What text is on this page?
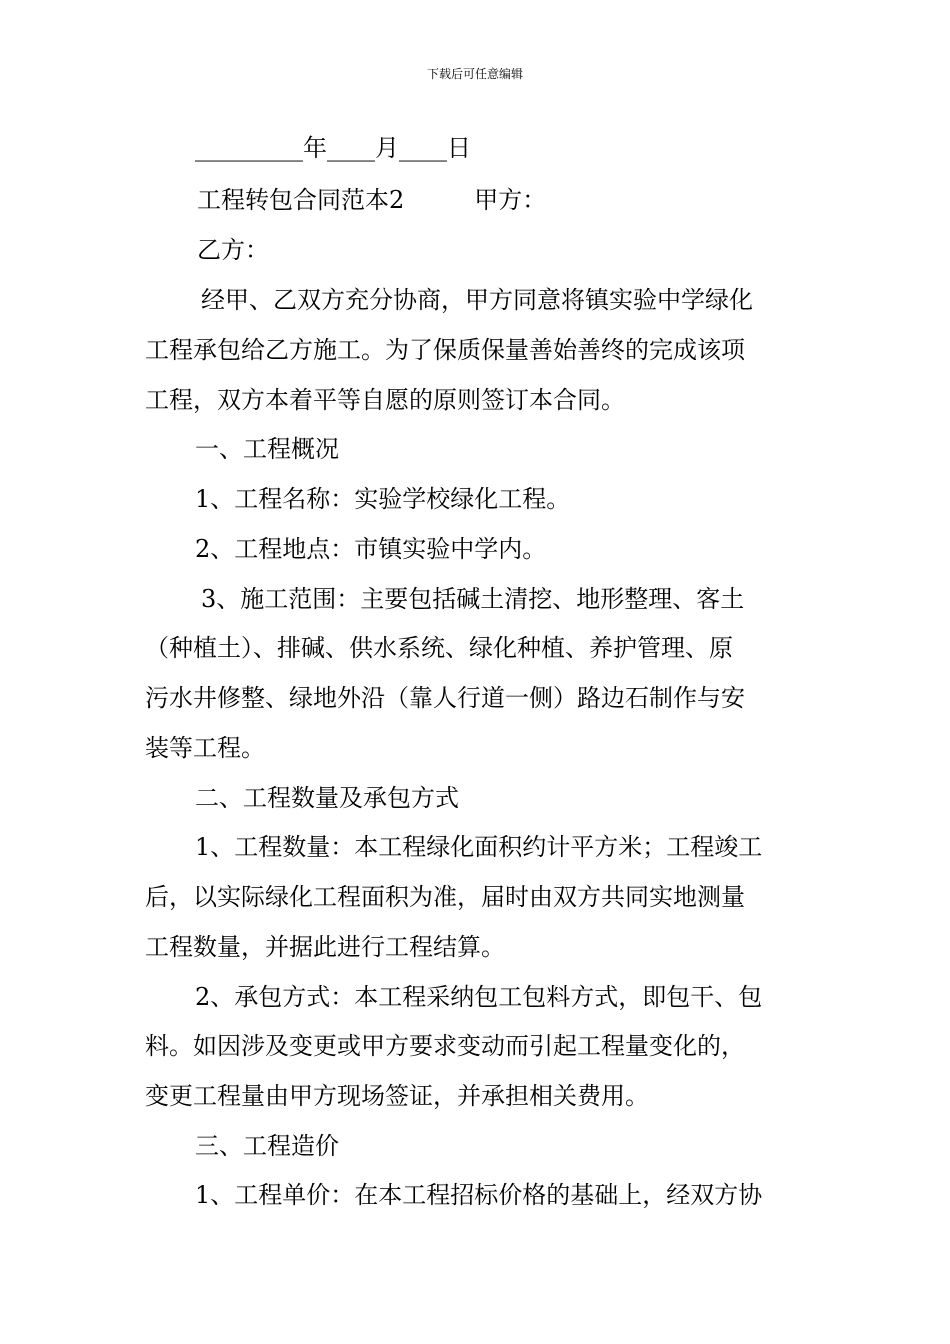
下载后可任意编辑
_________年____月____日
工程转包合同范本2	甲方：
乙方：
经甲、乙双方充分协商，甲方同意将镇实验中学绿化
工程承包给乙方施工。为了保质保量善始善终的完成该项
工程，双方本着平等自愿的原则签订本合同。
一、工程概况
1、工程名称：实验学校绿化工程。
2、工程地点：市镇实验中学内。
3、施工范围：主要包括碱土清挖、地形整理、客土
（种植土）、排碱、供水系统、绿化种植、养护管理、原
污水井修整、绿地外沿（靠人行道一侧）路边石制作与安
装等工程。
二、工程数量及承包方式
1、工程数量：本工程绿化面积约计平方米；工程竣工
后，以实际绿化工程面积为准，届时由双方共同实地测量
工程数量，并据此进行工程结算。
2、承包方式：本工程采纳包工包料方式，即包干、包
料。如因涉及变更或甲方要求变动而引起工程量变化的，
变更工程量由甲方现场签证，并承担相关费用。
三、工程造价
1、工程单价：在本工程招标价格的基础上，经双方协
